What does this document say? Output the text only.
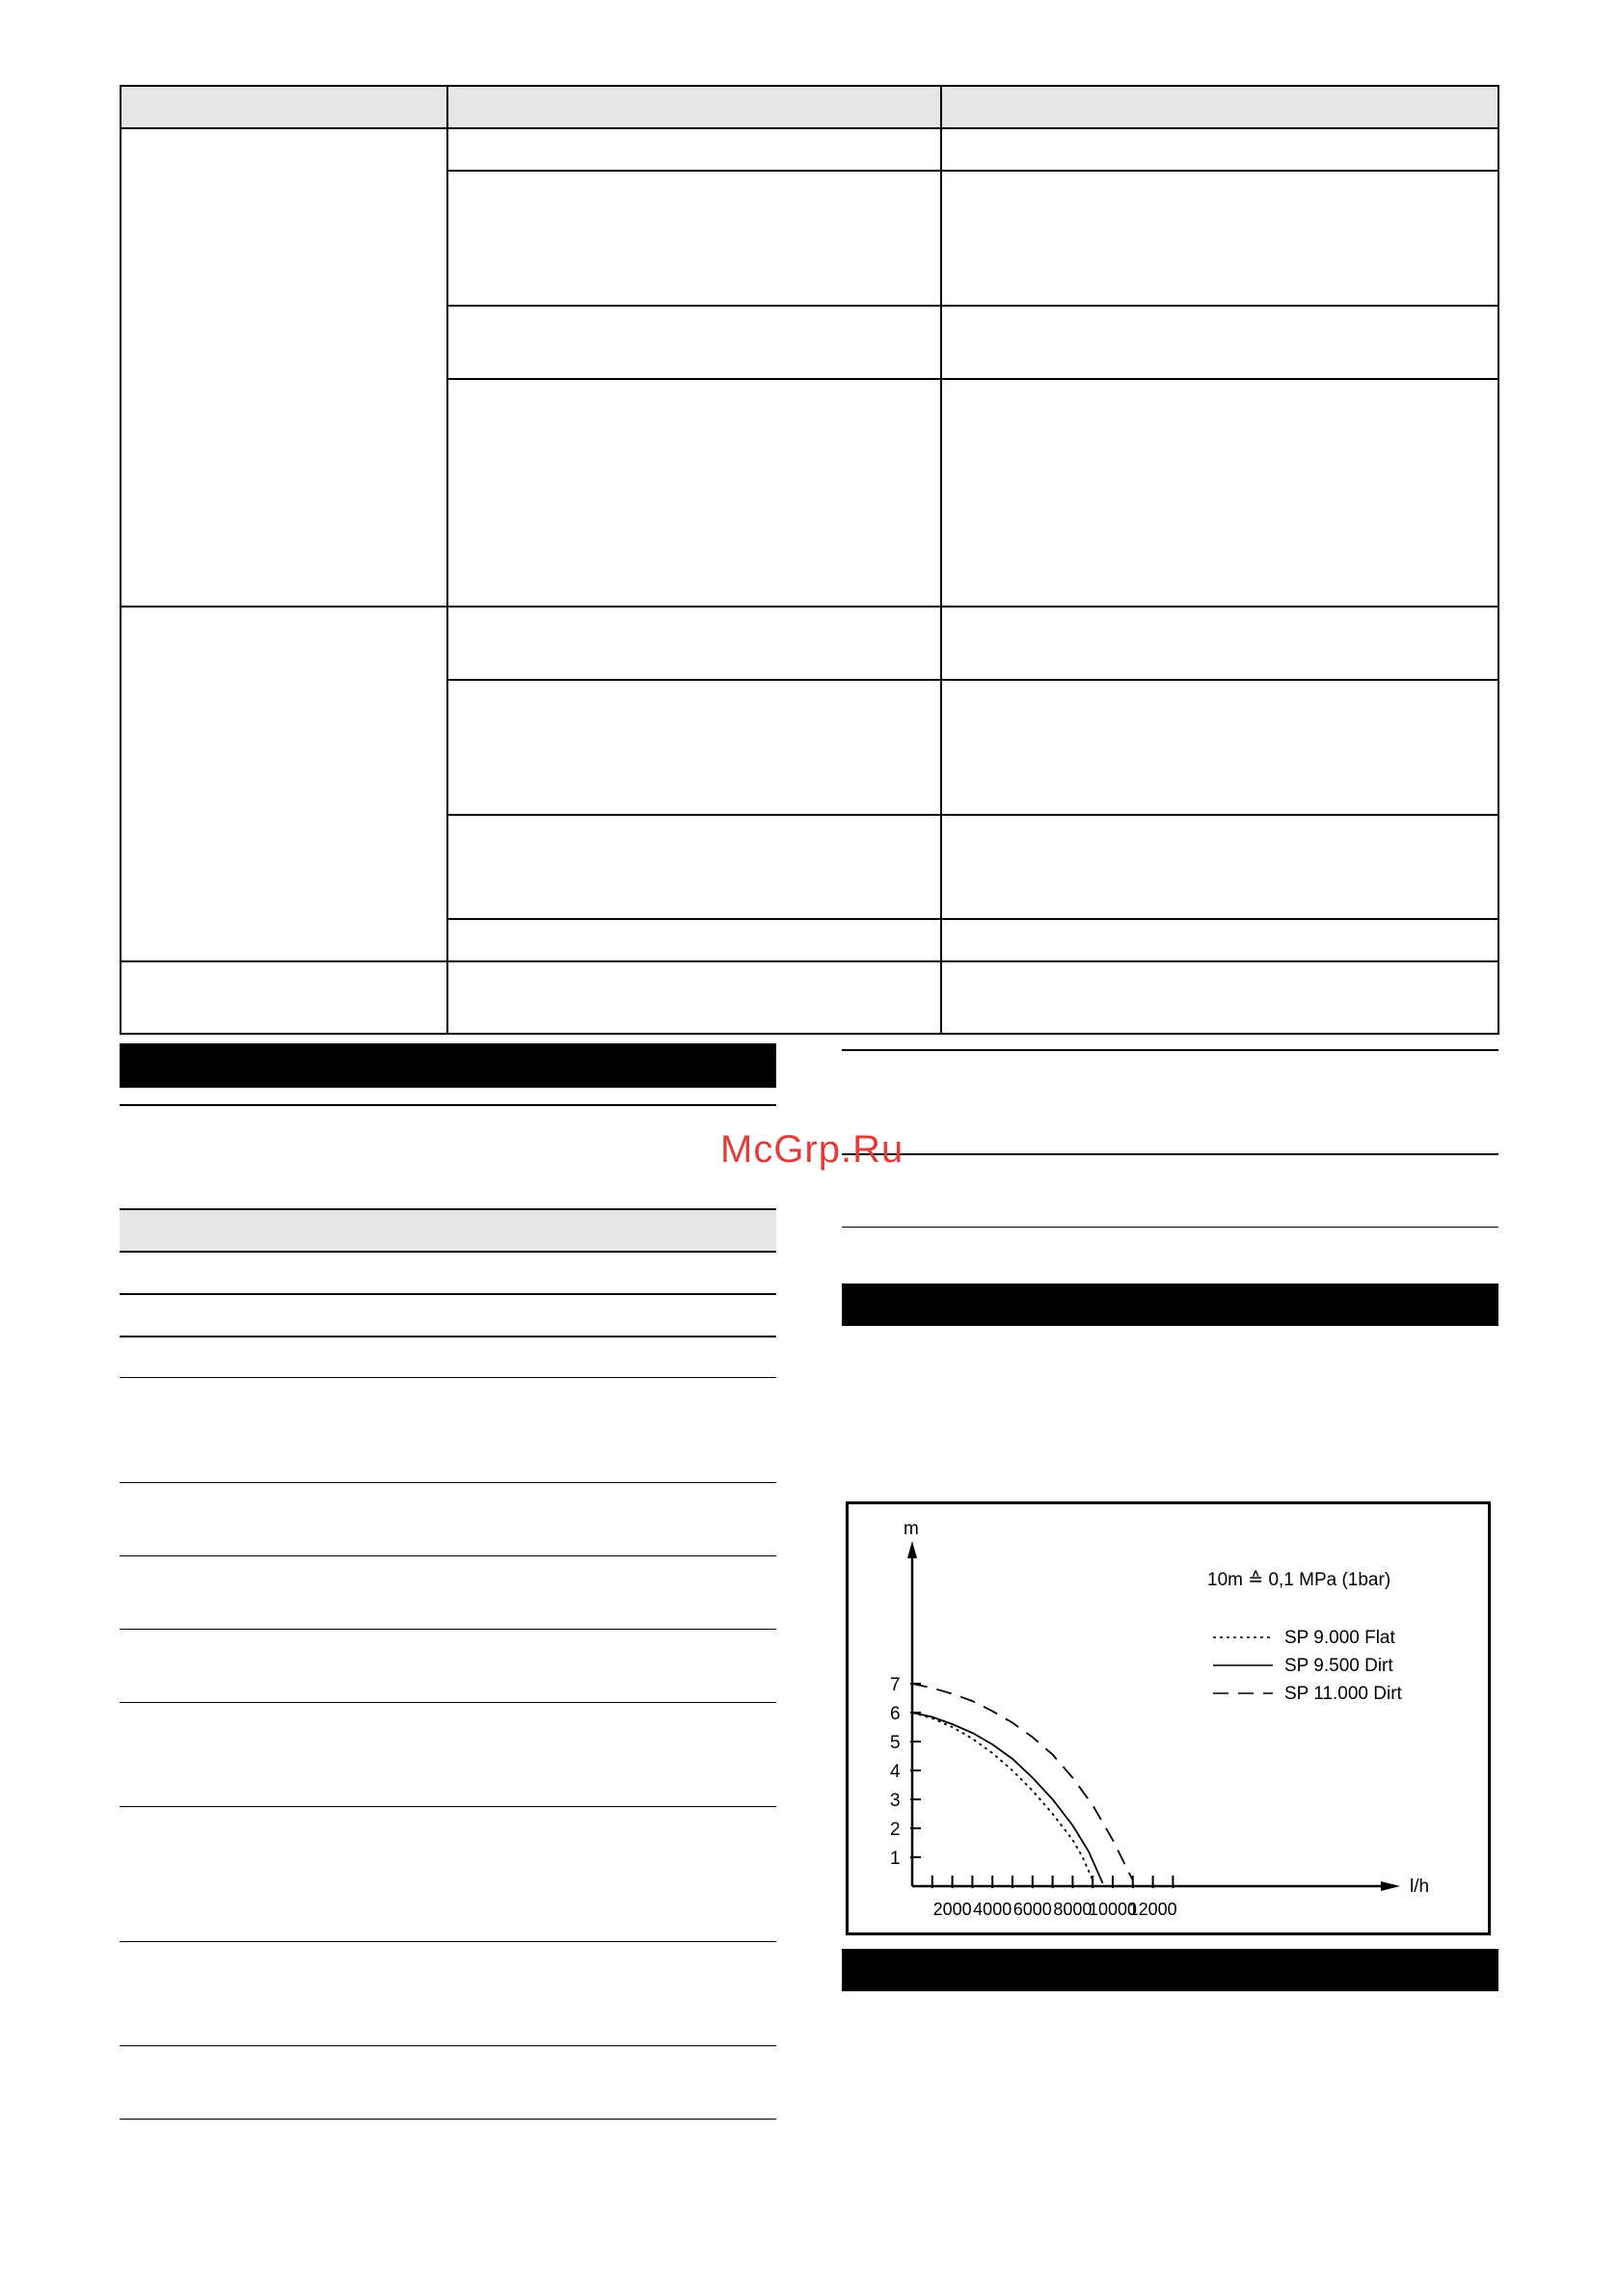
1
2
3
4
5
6
7
2000 4000 6000 8000
10000
12000
SP 9.000 Flat
SP 9.500 Dirt
SP 11.000 Dirt
10m ≙ 0,1 MPa (1bar)
m
l/h
McGrp.Ru
